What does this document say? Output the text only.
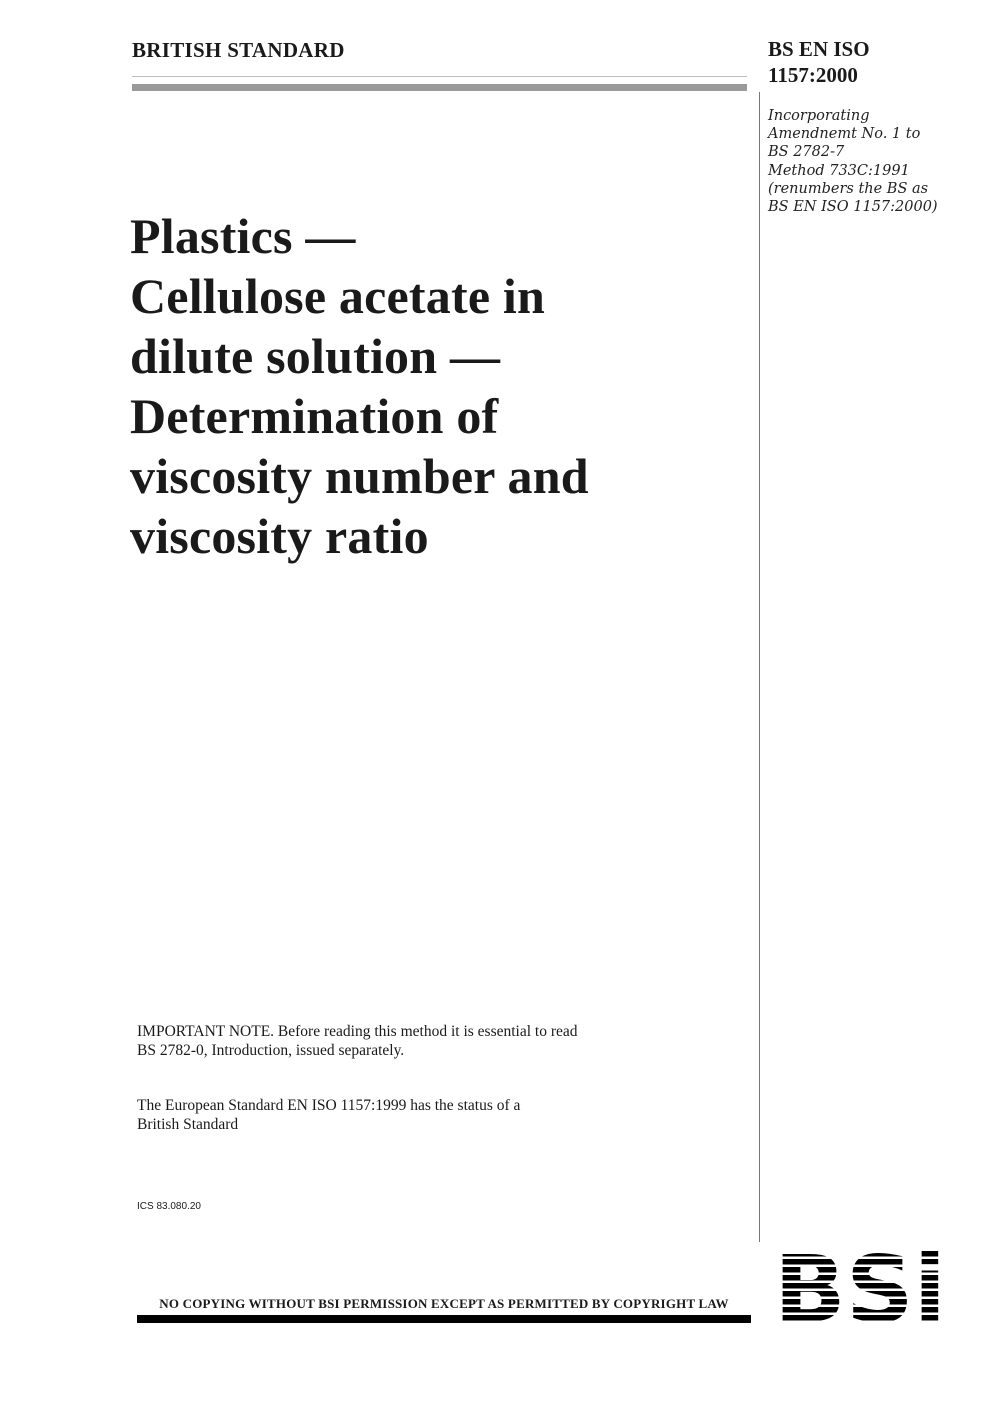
BRITISH STANDARD	BS EN ISO
1157:2000
Incorporating
Amendnemt No. 1 to
BS 2782-7
Method 733C:1991
(renumbers the BS as
BS EN ISO 1157:2000)
Plastics —
Cellulose acetate in
dilute solution —
Determination of
viscosity number and
viscosity ratio
IMPORTANT NOTE. Before reading this method it is essential to read
BS 2782-0, Introduction, issued separately.
The European Standard EN ISO 1157:1999 has the status of a
British Standard
ICS 83.080.20
NO COPYING WITHOUT BSI PERMISSION EXCEPT AS PERMITTED BY COPYRIGHT LAW
